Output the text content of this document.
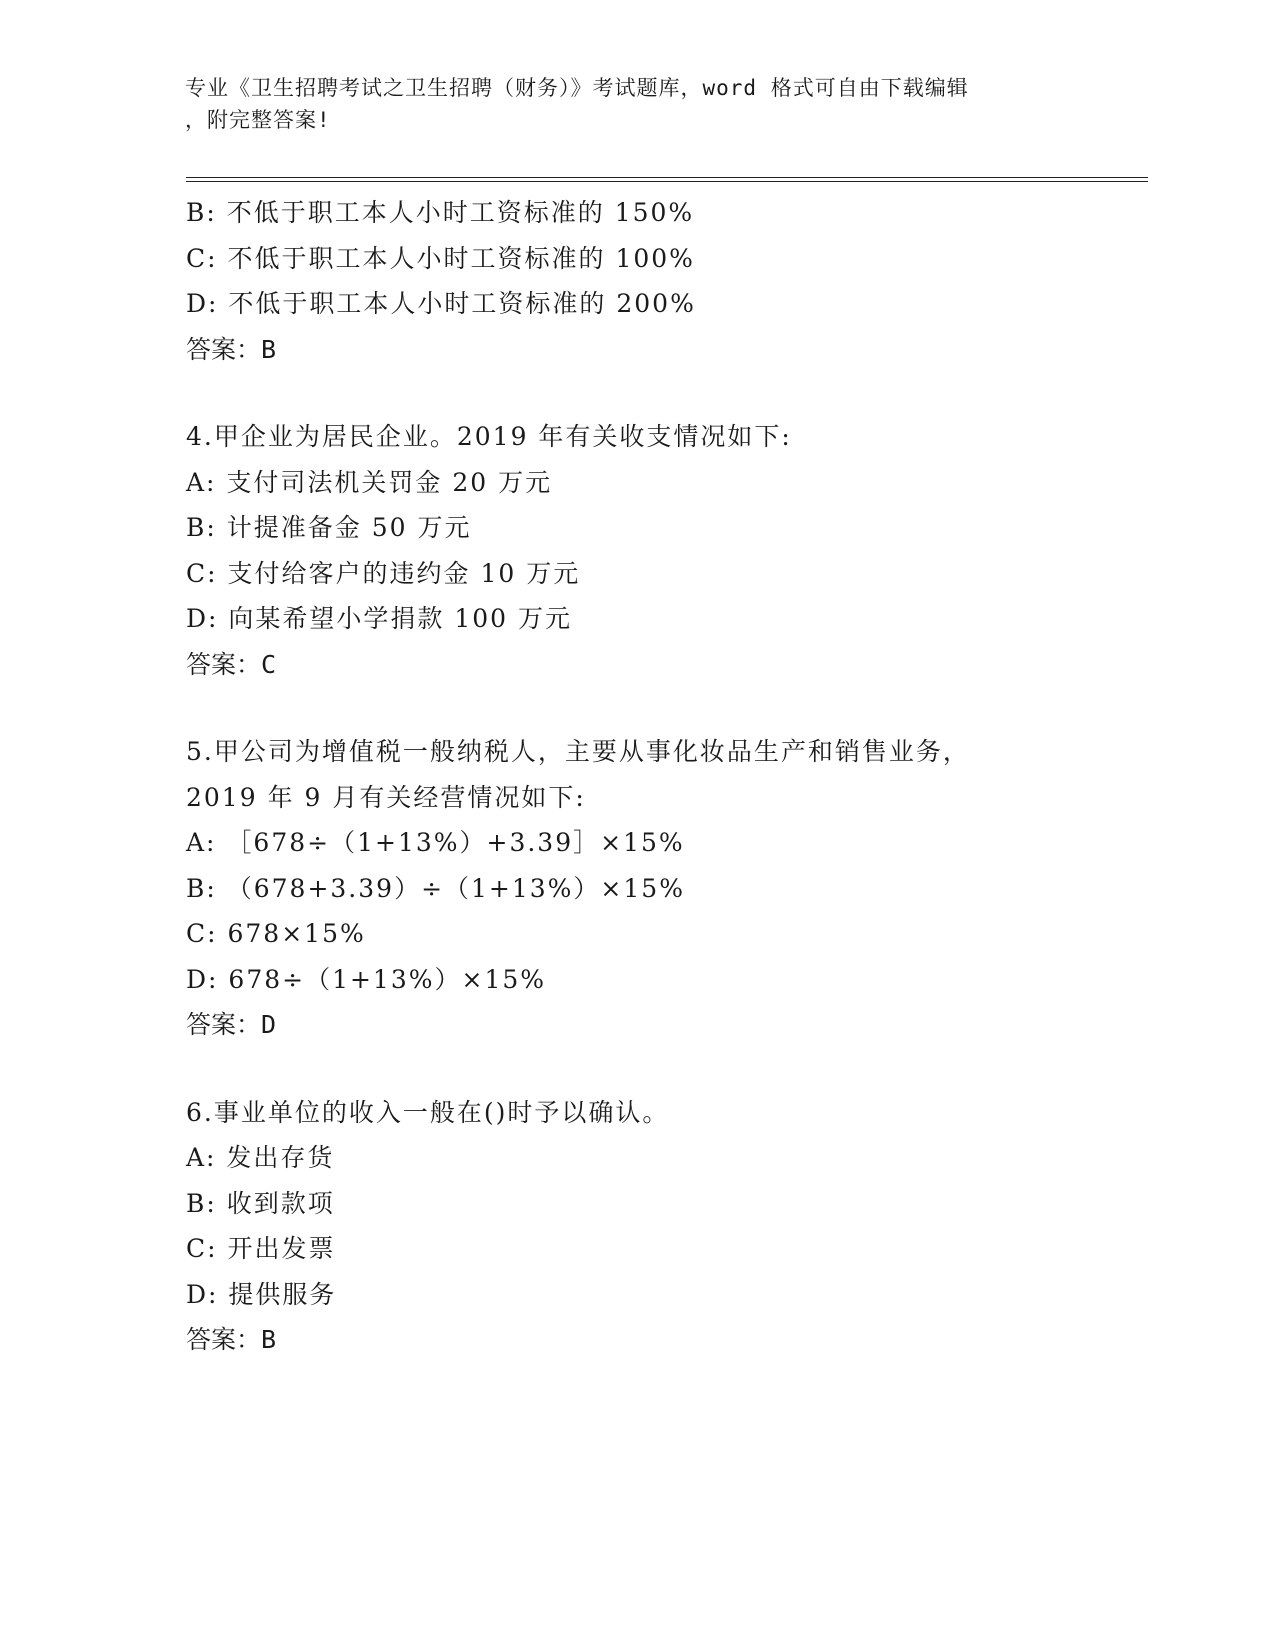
专业《卫生招聘考试之卫生招聘（财务）》考试题库，word 格式可自由下载编辑
，附完整答案!
B: 不低于职工本人小时工资标准的 150%
C: 不低于职工本人小时工资标准的 100%
D: 不低于职工本人小时工资标准的 200%
答案：B
4.甲企业为居民企业。2019 年有关收支情况如下:
A: 支付司法机关罚金 20 万元
B: 计提准备金 50 万元
C: 支付给客户的违约金 10 万元
D: 向某希望小学捐款 100 万元
答案：C
5.甲公司为增值税一般纳税人，主要从事化妆品生产和销售业务，
2019 年 9 月有关经营情况如下:
A: ［678÷（1+13%）+3.39］×15%
B: （678+3.39）÷（1+13%）×15%
C: 678×15%
D: 678÷（1+13%）×15%
答案：D
6.事业单位的收入一般在()时予以确认。
A: 发出存货
B: 收到款项
C: 开出发票
D: 提供服务
答案：B
